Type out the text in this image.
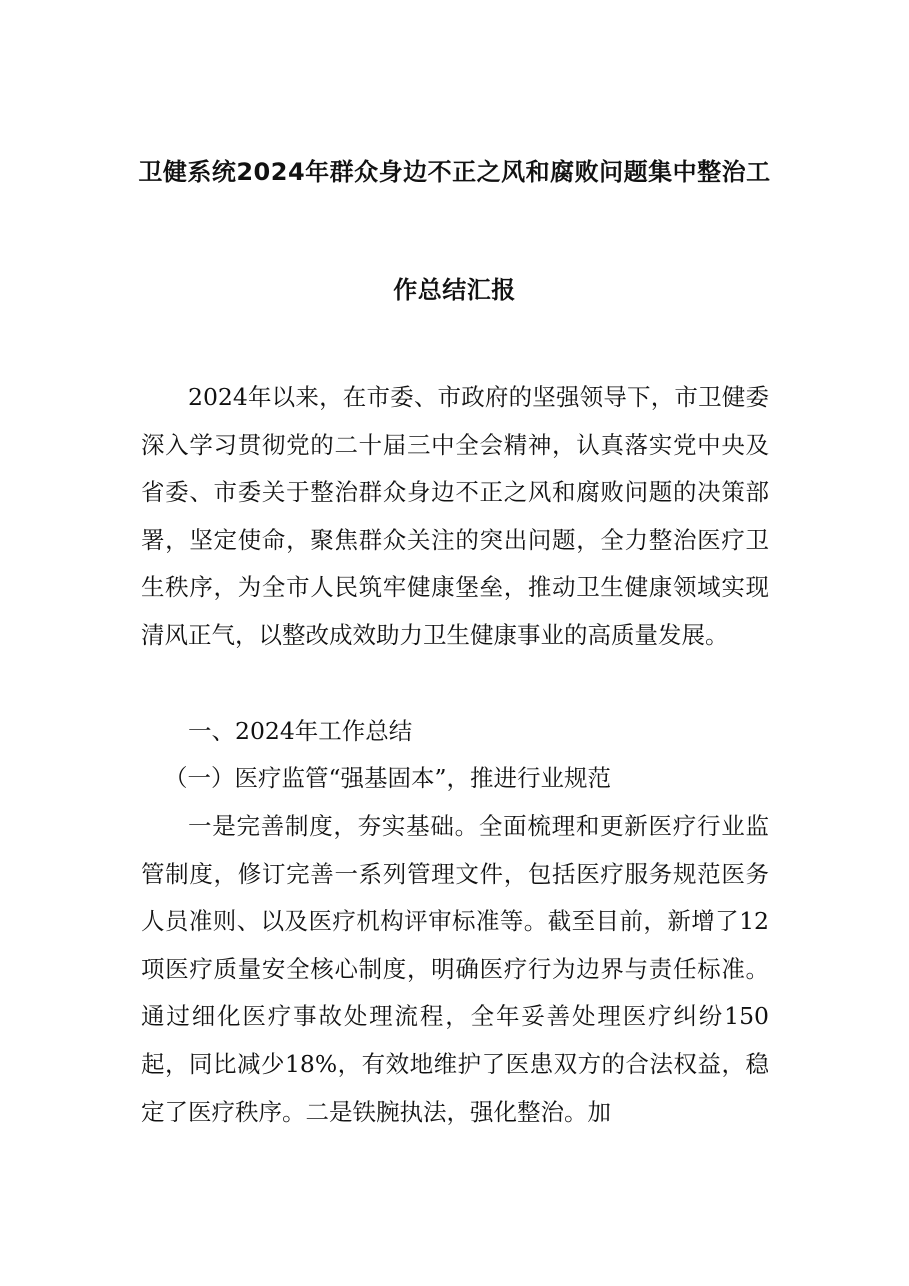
卫健系统2024年群众身边不正之风和腐败问题集中整治工
作总结汇报

2024年以来，在市委、市政府的坚强领导下，市卫健委深入学习贯彻党的二十届三中全会精神，认真落实党中央及省委、市委关于整治群众身边不正之风和腐败问题的决策部署，坚定使命，聚焦群众关注的突出问题，全力整治医疗卫生秩序，为全市人民筑牢健康堡垒，推动卫生健康领域实现清风正气，以整改成效助力卫生健康事业的高质量发展。

一、2024年工作总结

（一）医疗监管“强基固本”，推进行业规范

一是完善制度，夯实基础。全面梳理和更新医疗行业监管制度，修订完善一系列管理文件，包括医疗服务规范医务人员准则、以及医疗机构评审标准等。截至目前，新增了12项医疗质量安全核心制度，明确医疗行为边界与责任标准。通过细化医疗事故处理流程，全年妥善处理医疗纠纷150起，同比减少18%，有效地维护了医患双方的合法权益，稳定了医疗秩序。二是铁腕执法，强化整治。加
